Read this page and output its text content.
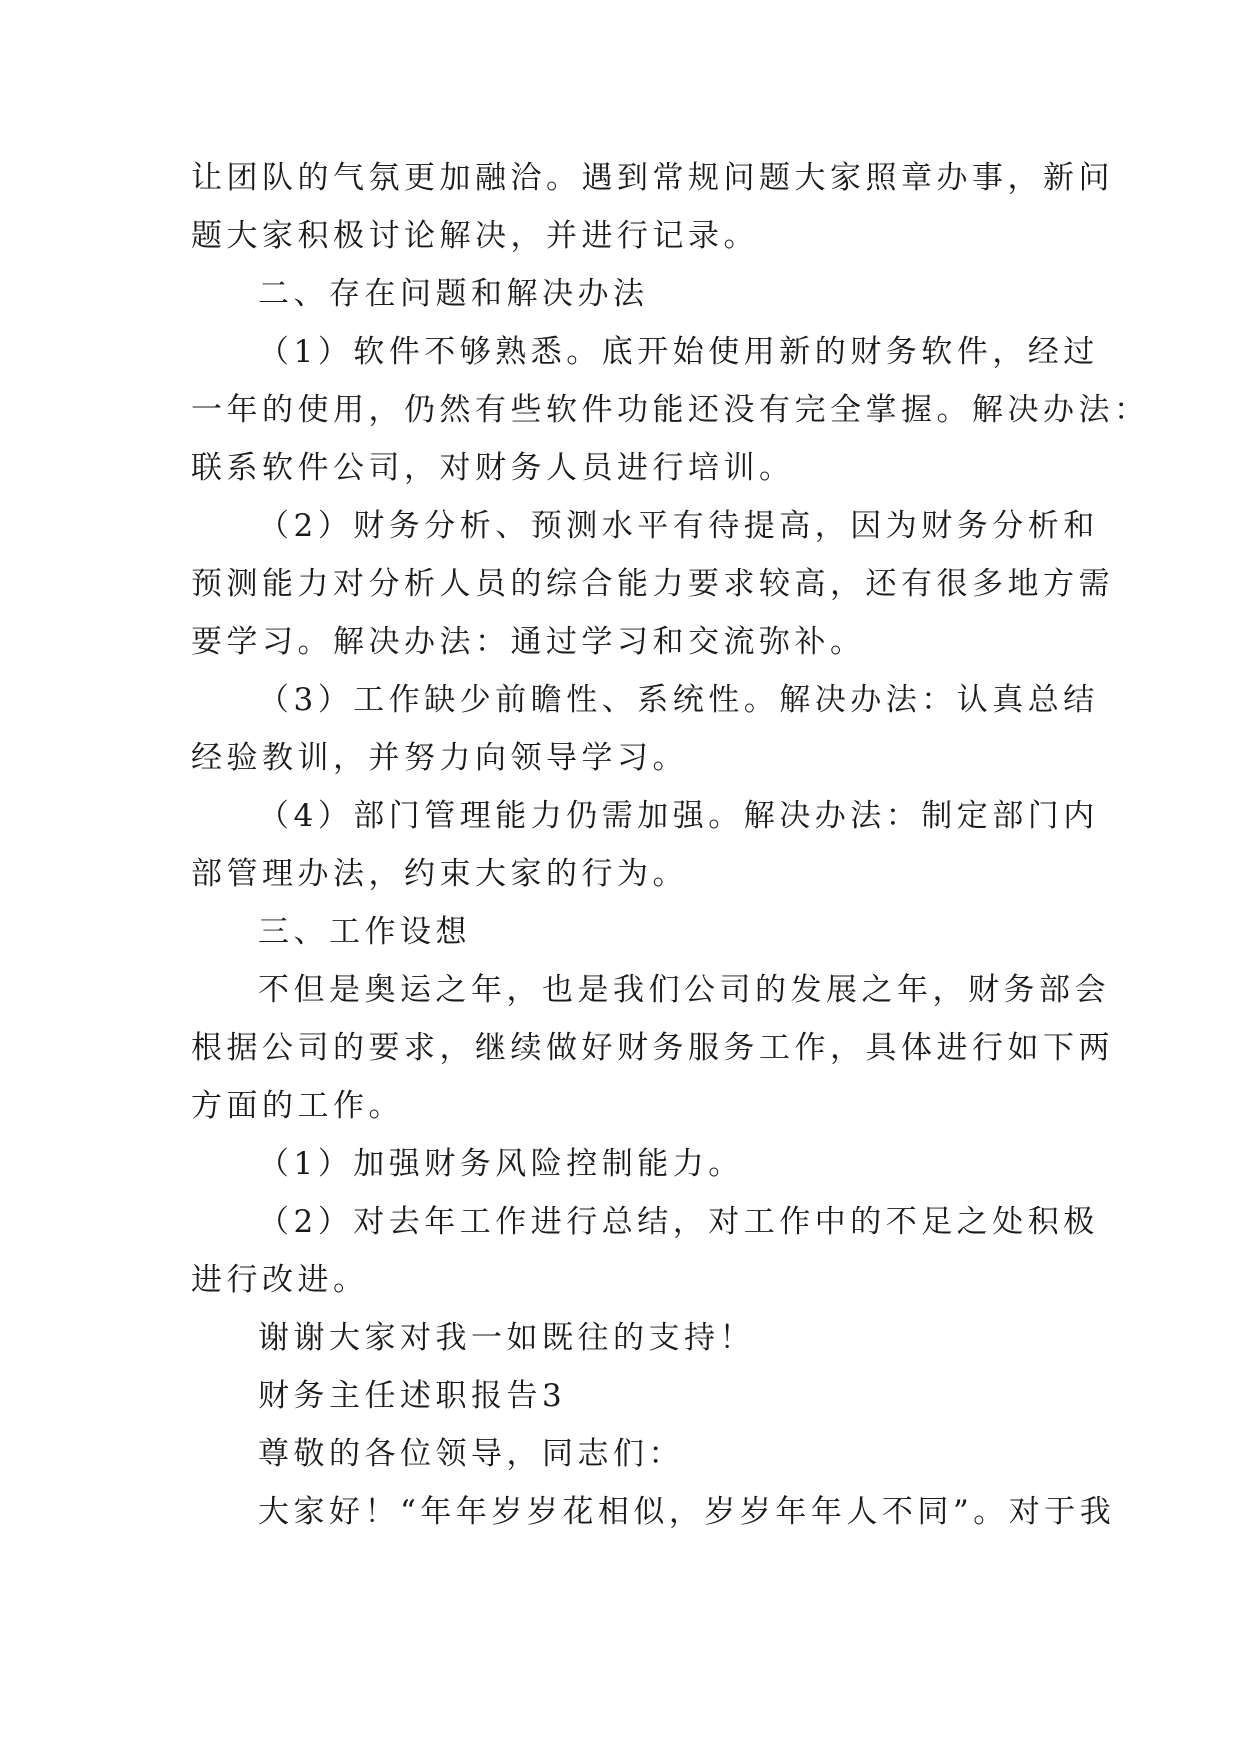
让团队的气氛更加融洽。遇到常规问题大家照章办事，新问
题大家积极讨论解决，并进行记录。
二、存在问题和解决办法
（1）软件不够熟悉。底开始使用新的财务软件，经过
一年的使用，仍然有些软件功能还没有完全掌握。解决办法：
联系软件公司，对财务人员进行培训。
（2）财务分析、预测水平有待提高，因为财务分析和
预测能力对分析人员的综合能力要求较高，还有很多地方需
要学习。解决办法：通过学习和交流弥补。
（3）工作缺少前瞻性、系统性。解决办法：认真总结
经验教训，并努力向领导学习。
（4）部门管理能力仍需加强。解决办法：制定部门内
部管理办法，约束大家的行为。
三、工作设想
不但是奥运之年，也是我们公司的发展之年，财务部会
根据公司的要求，继续做好财务服务工作，具体进行如下两
方面的工作。
（1）加强财务风险控制能力。
（2）对去年工作进行总结，对工作中的不足之处积极
进行改进。
谢谢大家对我一如既往的支持！
财务主任述职报告3
尊敬的各位领导，同志们：
大家好！“年年岁岁花相似，岁岁年年人不同”。对于我
